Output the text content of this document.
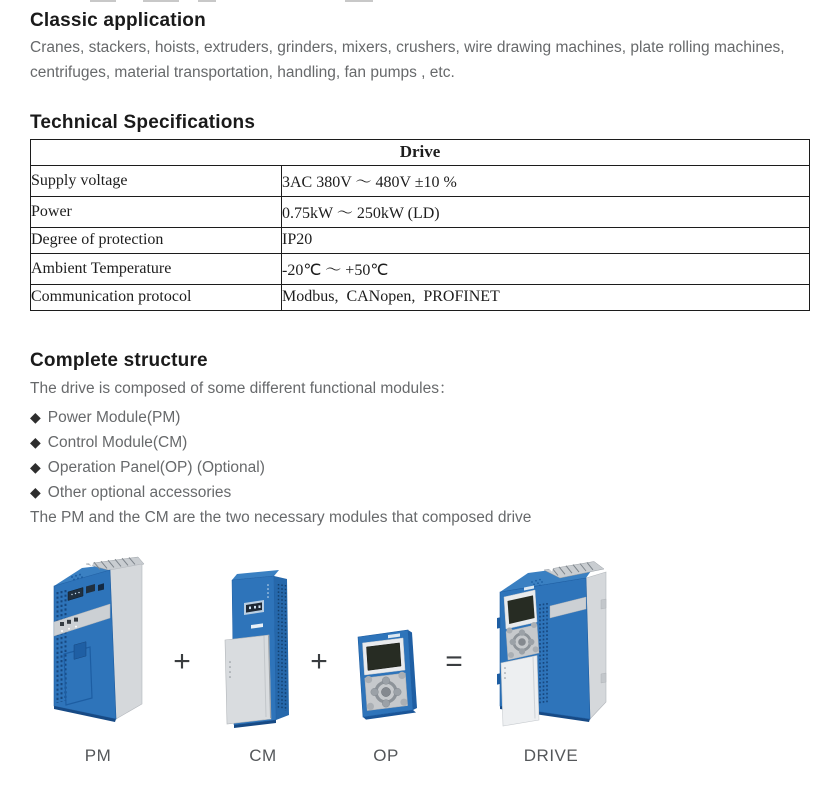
Classic application

Cranes, stackers, hoists, extruders, grinders, mixers, crushers, wire drawing machines, plate rolling machines, centrifuges, material transportation, handling, fan pumps , etc.

Technical Specifications
Drive	
Supply voltage	3AC 380V ～ 480V ±10 %
Power	0.75kW ～ 250kW (LD)
Degree of protection	IP20
Ambient Temperature	-20℃ ～ +50℃
Communication protocol	Modbus,  CANopen,  PROFINET
Complete structure

The drive is composed of some different functional modules：

◆ Power Module(PM)
◆ Control Module(CM)
◆ Operation Panel(OP) (Optional)
◆ Other optional accessories

The PM and the CM are the two necessary modules that composed drive

+	+	=
PM	CM	OP	DRIVE
